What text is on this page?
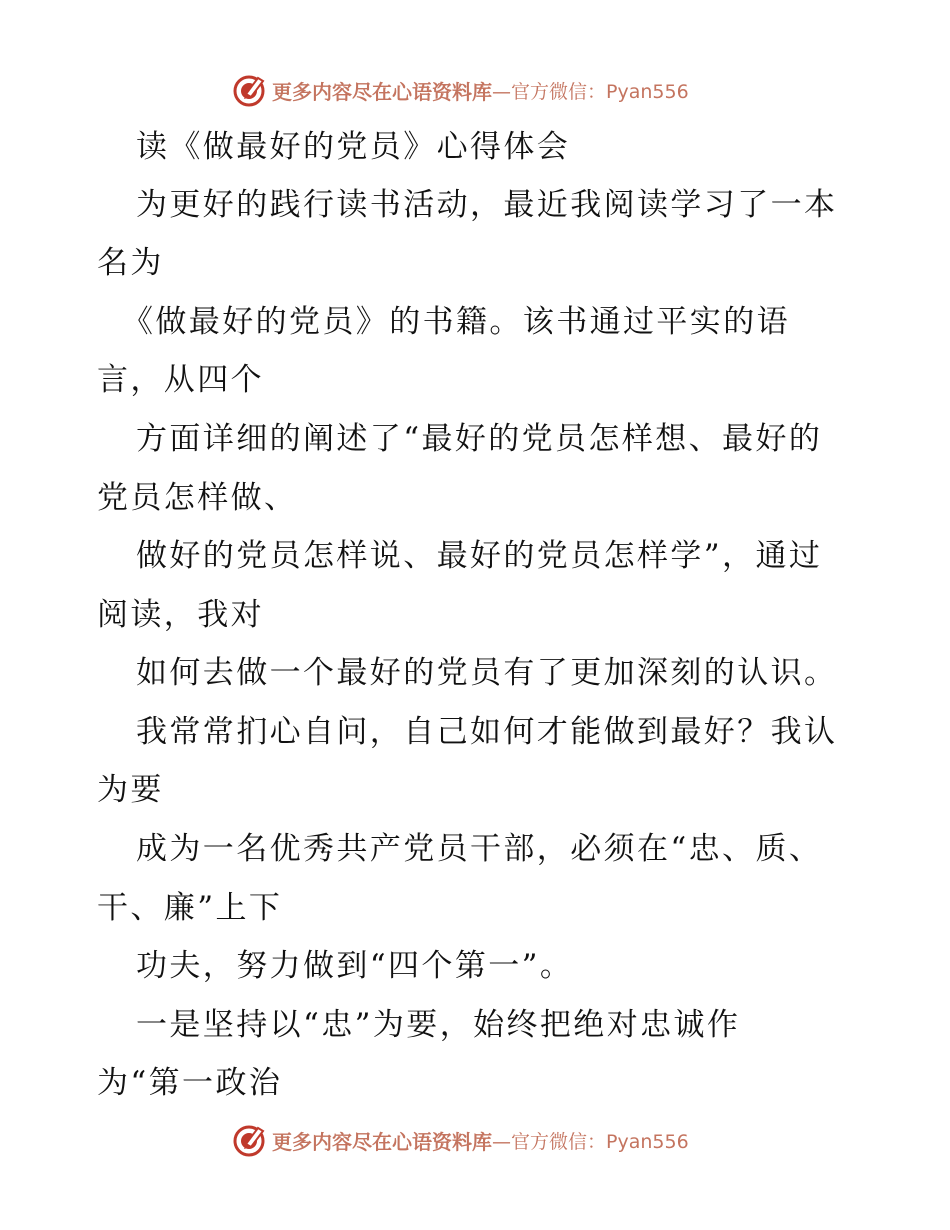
更多内容尽在心语资料库 —官方微信：Pyan556
读《做最好的党员》心得体会
为更好的践行读书活动，最近我阅读学习了一本
名为
《做最好的党员》的书籍。该书通过平实的语
言，从四个
方面详细的阐述了“最好的党员怎样想、最好的
党员怎样做、
做好的党员怎样说、最好的党员怎样学”，通过
阅读，我对
如何去做一个最好的党员有了更加深刻的认识。
我常常扪心自问，自己如何才能做到最好？我认
为要
成为一名优秀共产党员干部，必须在“忠、质、
干、廉”上下
功夫，努力做到“四个第一”。
一是坚持以“忠”为要，始终把绝对忠诚作
为“第一政治
更多内容尽在心语资料库 —官方微信：Pyan556
